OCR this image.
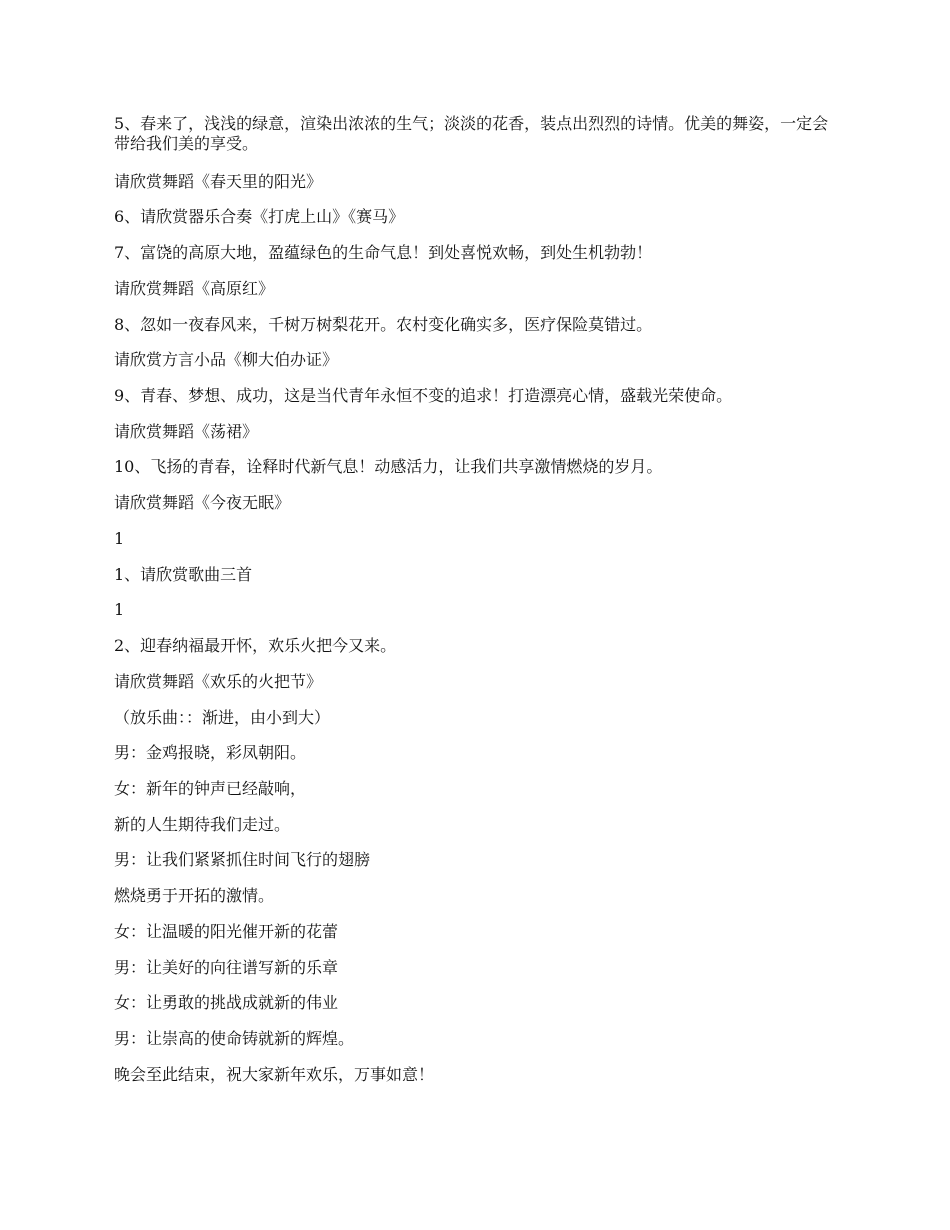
5、春来了，浅浅的绿意，渲染出浓浓的生气；淡淡的花香，装点出烈烈的诗情。优美的舞姿，一定会带给我们美的享受。

请欣赏舞蹈《春天里的阳光》

6、请欣赏器乐合奏《打虎上山》《赛马》

7、富饶的高原大地，盈蕴绿色的生命气息！到处喜悦欢畅，到处生机勃勃！

请欣赏舞蹈《高原红》

8、忽如一夜春风来，千树万树梨花开。农村变化确实多，医疗保险莫错过。

请欣赏方言小品《柳大伯办证》

9、青春、梦想、成功，这是当代青年永恒不变的追求！打造漂亮心情，盛载光荣使命。

请欣赏舞蹈《荡裙》

10、飞扬的青春，诠释时代新气息！动感活力，让我们共享激情燃烧的岁月。

请欣赏舞蹈《今夜无眠》

1

1、请欣赏歌曲三首

1

2、迎春纳福最开怀，欢乐火把今又来。

请欣赏舞蹈《欢乐的火把节》

（放乐曲：：渐进，由小到大）

男：金鸡报晓，彩凤朝阳。

女：新年的钟声已经敲响，

新的人生期待我们走过。

男：让我们紧紧抓住时间飞行的翅膀

燃烧勇于开拓的激情。

女：让温暖的阳光催开新的花蕾

男：让美好的向往谱写新的乐章

女：让勇敢的挑战成就新的伟业

男：让崇高的使命铸就新的辉煌。

晚会至此结束，祝大家新年欢乐，万事如意！
